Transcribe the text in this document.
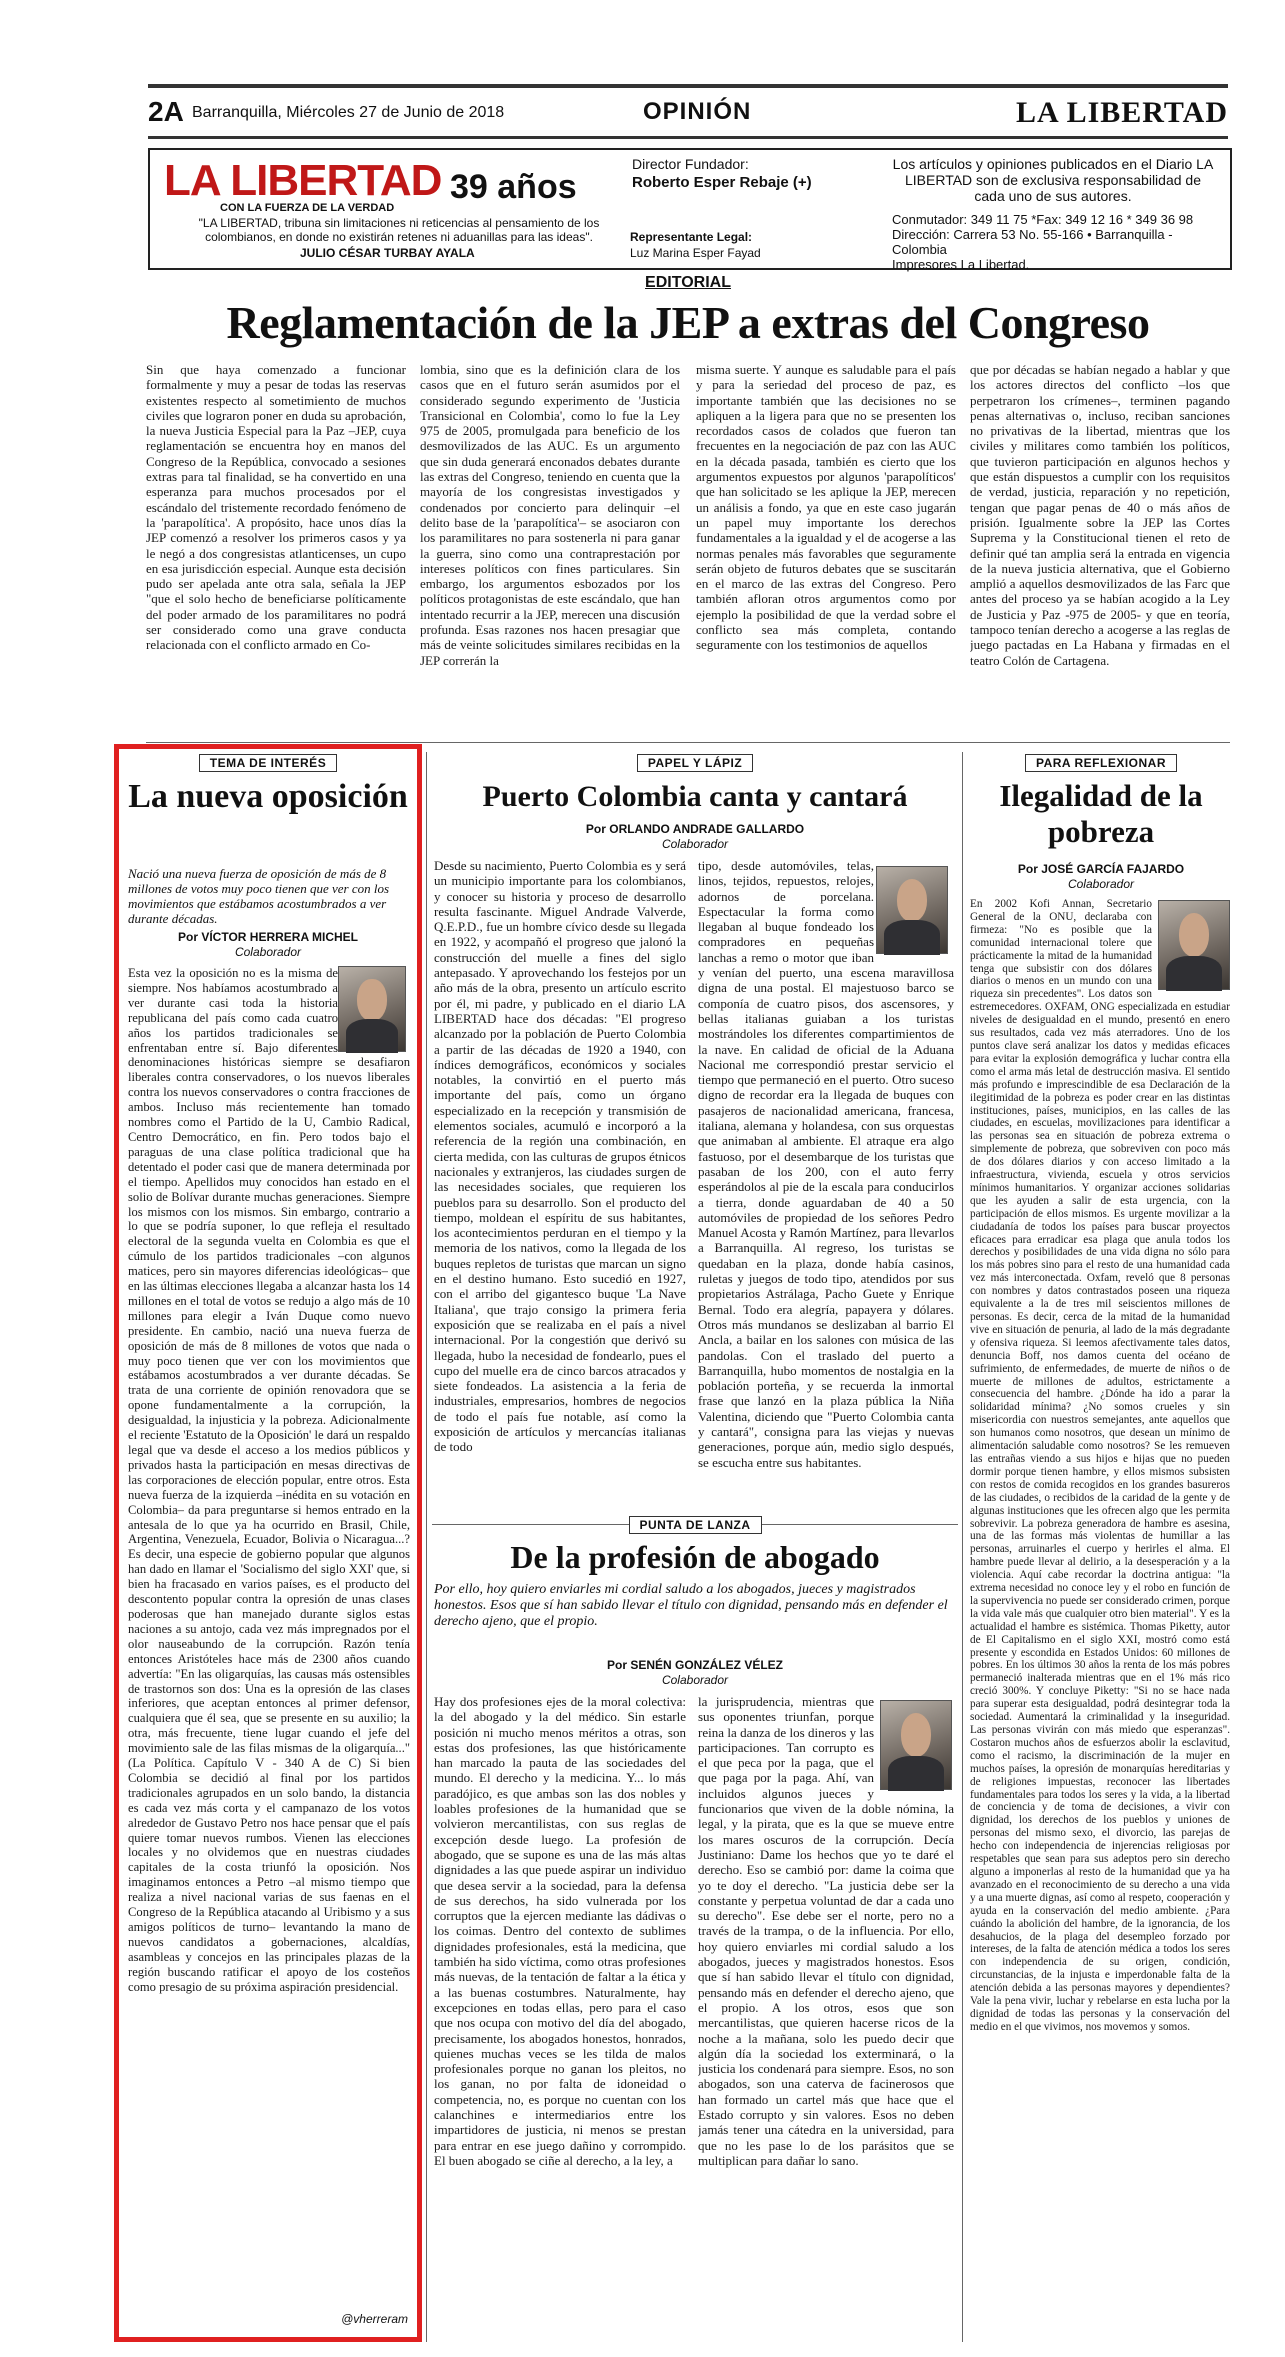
2A Barranquilla, Miércoles 27 de Junio de 2018	OPINIÓN	LA LIBERTAD
LA LIBERTAD 39 años
CON LA FUERZA DE LA VERDAD
"LA LIBERTAD, tribuna sin limitaciones ni reticencias al pensamiento de los colombianos, en donde no existirán retenes ni aduanillas para las ideas".
JULIO CÉSAR TURBAY AYALA
Director Fundador:
Roberto Esper Rebaje (+)
Representante Legal:
Luz Marina Esper Fayad
Los artículos y opiniones publicados en el Diario LA LIBERTAD son de exclusiva responsabilidad de cada uno de sus autores.
Conmutador: 349 11 75 *Fax: 349 12 16 * 349 36 98
Dirección: Carrera 53 No. 55-166 • Barranquilla - Colombia
Impresores La Libertad.
EDITORIAL
Reglamentación de la JEP a extras del Congreso
Sin que haya comenzado a funcionar formalmente y muy a pesar de todas las reservas existentes respecto al sometimiento de muchos civiles que lograron poner en duda su aprobación, la nueva Justicia Especial para la Paz –JEP, cuya reglamentación se encuentra hoy en manos del Congreso de la República, convocado a sesiones extras para tal finalidad, se ha convertido en una esperanza para muchos procesados por el escándalo del tristemente recordado fenómeno de la 'parapolítica'. A propósito, hace unos días la JEP comenzó a resolver los primeros casos y ya le negó a dos congresistas atlanticenses, un cupo en esa jurisdicción especial. Aunque esta decisión pudo ser apelada ante otra sala, señala la JEP "que el solo hecho de beneficiarse políticamente del poder armado de los paramilitares no podrá ser considerado como una grave conducta relacionada con el conflicto armado en Co-
lombia, sino que es la definición clara de los casos que en el futuro serán asumidos por el considerado segundo experimento de 'Justicia Transicional en Colombia', como lo fue la Ley 975 de 2005, promulgada para beneficio de los desmovilizados de las AUC. Es un argumento que sin duda generará enconados debates durante las extras del Congreso, teniendo en cuenta que la mayoría de los congresistas investigados y condenados por concierto para delinquir –el delito base de la 'parapolítica'– se asociaron con los paramilitares no para sostenerla ni para ganar la guerra, sino como una contraprestación por intereses políticos con fines particulares. Sin embargo, los argumentos esbozados por los políticos protagonistas de este escándalo, que han intentado recurrir a la JEP, merecen una discusión profunda. Esas razones nos hacen presagiar que más de veinte solicitudes similares recibidas en la JEP correrán la
misma suerte. Y aunque es saludable para el país y para la seriedad del proceso de paz, es importante también que las decisiones no se apliquen a la ligera para que no se presenten los recordados casos de colados que fueron tan frecuentes en la negociación de paz con las AUC en la década pasada, también es cierto que los argumentos expuestos por algunos 'parapolíticos' que han solicitado se les aplique la JEP, merecen un análisis a fondo, ya que en este caso jugarán un papel muy importante los derechos fundamentales a la igualdad y el de acogerse a las normas penales más favorables que seguramente serán objeto de futuros debates que se suscitarán en el marco de las extras del Congreso. Pero también afloran otros argumentos como por ejemplo la posibilidad de que la verdad sobre el conflicto sea más completa, contando seguramente con los testimonios de aquellos
que por décadas se habían negado a hablar y que los actores directos del conflicto –los que perpetraron los crímenes–, terminen pagando penas alternativas o, incluso, reciban sanciones no privativas de la libertad, mientras que los civiles y militares como también los políticos, que tuvieron participación en algunos hechos y que están dispuestos a cumplir con los requisitos de verdad, justicia, reparación y no repetición, tengan que pagar penas de 40 o más años de prisión. Igualmente sobre la JEP las Cortes Suprema y la Constitucional tienen el reto de definir qué tan amplia será la entrada en vigencia de la nueva justicia alternativa, que el Gobierno amplió a aquellos desmovilizados de las Farc que antes del proceso ya se habían acogido a la Ley de Justicia y Paz -975 de 2005- y que en teoría, tampoco tenían derecho a acogerse a las reglas de juego pactadas en La Habana y firmadas en el teatro Colón de Cartagena.
TEMA DE INTERÉS
La nueva oposición
Nació una nueva fuerza de oposición de más de 8 millones de votos muy poco tienen que ver con los movimientos que estábamos acostumbrados a ver durante décadas.
Por VÍCTOR HERRERA MICHEL
Colaborador
Esta vez la oposición no es la misma de siempre. Nos habíamos acostumbrado a ver durante casi toda la historia republicana del país como cada cuatro años los partidos tradicionales se enfrentaban entre sí. Bajo diferentes denominaciones históricas siempre se desafiaron liberales contra conservadores, o los nuevos liberales contra los nuevos conservadores o contra fracciones de ambos. Incluso más recientemente han tomado nombres como el Partido de la U, Cambio Radical, Centro Democrático, en fin. Pero todos bajo el paraguas de una clase política tradicional que ha detentado el poder casi que de manera determinada por el tiempo. Apellidos muy conocidos han estado en el solio de Bolívar durante muchas generaciones. Siempre los mismos con los mismos. Sin embargo, contrario a lo que se podría suponer, lo que refleja el resultado electoral de la segunda vuelta en Colombia es que el cúmulo de los partidos tradicionales –con algunos matices, pero sin mayores diferencias ideológicas– que en las últimas elecciones llegaba a alcanzar hasta los 14 millones en el total de votos se redujo a algo más de 10 millones para elegir a Iván Duque como nuevo presidente. En cambio, nació una nueva fuerza de oposición de más de 8 millones de votos que nada o muy poco tienen que ver con los movimientos que estábamos acostumbrados a ver durante décadas. Se trata de una corriente de opinión renovadora que se opone fundamentalmente a la corrupción, la desigualdad, la injusticia y la pobreza. Adicionalmente el reciente 'Estatuto de la Oposición' le dará un respaldo legal que va desde el acceso a los medios públicos y privados hasta la participación en mesas directivas de las corporaciones de elección popular, entre otros. Esta nueva fuerza de la izquierda –inédita en su votación en Colombia– da para preguntarse si hemos entrado en la antesala de lo que ya ha ocurrido en Brasil, Chile, Argentina, Venezuela, Ecuador, Bolivia o Nicaragua...? Es decir, una especie de gobierno popular que algunos han dado en llamar el 'Socialismo del siglo XXI' que, si bien ha fracasado en varios países, es el producto del descontento popular contra la opresión de unas clases poderosas que han manejado durante siglos estas naciones a su antojo, cada vez más impregnados por el olor nauseabundo de la corrupción. Razón tenía entonces Aristóteles hace más de 2300 años cuando advertía: "En las oligarquías, las causas más ostensibles de trastornos son dos: Una es la opresión de las clases inferiores, que aceptan entonces al primer defensor, cualquiera que él sea, que se presente en su auxilio; la otra, más frecuente, tiene lugar cuando el jefe del movimiento sale de las filas mismas de la oligarquía..." (La Política. Capítulo V - 340 A de C) Si bien Colombia se decidió al final por los partidos tradicionales agrupados en un solo bando, la distancia es cada vez más corta y el campanazo de los votos alrededor de Gustavo Petro nos hace pensar que el país quiere tomar nuevos rumbos. Vienen las elecciones locales y no olvidemos que en nuestras ciudades capitales de la costa triunfó la oposición. Nos imaginamos entonces a Petro –al mismo tiempo que realiza a nivel nacional varias de sus faenas en el Congreso de la República atacando al Uribismo y a sus amigos políticos de turno– levantando la mano de nuevos candidatos a gobernaciones, alcaldías, asambleas y concejos en las principales plazas de la región buscando ratificar el apoyo de los costeños como presagio de su próxima aspiración presidencial.
@vherreram
PAPEL Y LÁPIZ
Puerto Colombia canta y cantará
Por ORLANDO ANDRADE GALLARDO
Colaborador
Desde su nacimiento, Puerto Colombia es y será un municipio importante para los colombianos, y conocer su historia y proceso de desarrollo resulta fascinante. Miguel Andrade Valverde, Q.E.P.D., fue un hombre cívico desde su llegada en 1922, y acompañó el progreso que jalonó la construcción del muelle a fines del siglo antepasado. Y aprovechando los festejos por un año más de la obra, presento un artículo escrito por él, mi padre, y publicado en el diario LA LIBERTAD hace dos décadas: "El progreso alcanzado por la población de Puerto Colombia a partir de las décadas de 1920 a 1940, con índices demográficos, económicos y sociales notables, la convirtió en el puerto más importante del país, como un órgano especializado en la recepción y transmisión de elementos sociales, acumuló e incorporó a la referencia de la región una combinación, en cierta medida, con las culturas de grupos étnicos nacionales y extranjeros, las ciudades surgen de las necesidades sociales, que requieren los pueblos para su desarrollo. Son el producto del tiempo, moldean el espíritu de sus habitantes, los acontecimientos perduran en el tiempo y la memoria de los nativos, como la llegada de los buques repletos de turistas que marcan un signo en el destino humano. Esto sucedió en 1927, con el arribo del gigantesco buque 'La Nave Italiana', que trajo consigo la primera feria exposición que se realizaba en el país a nivel internacional. Por la congestión que derivó su llegada, hubo la necesidad de fondearlo, pues el cupo del muelle era de cinco barcos atracados y siete fondeados. La asistencia a la feria de industriales, empresarios, hombres de negocios de todo el país fue notable, así como la exposición de artículos y mercancías italianas de todo
tipo, desde automóviles, telas, linos, tejidos, repuestos, relojes, adornos de porcelana. Espectacular la forma como llegaban al buque fondeado los compradores en pequeñas lanchas a remo o motor que iban y venían del puerto, una escena maravillosa digna de una postal. El majestuoso barco se componía de cuatro pisos, dos ascensores, y bellas italianas guiaban a los turistas mostrándoles los diferentes compartimientos de la nave. En calidad de oficial de la Aduana Nacional me correspondió prestar servicio el tiempo que permaneció en el puerto. Otro suceso digno de recordar era la llegada de buques con pasajeros de nacionalidad americana, francesa, italiana, alemana y holandesa, con sus orquestas que animaban al ambiente. El atraque era algo fastuoso, por el desembarque de los turistas que pasaban de los 200, con el auto ferry esperándolos al pie de la escala para conducirlos a tierra, donde aguardaban de 40 a 50 automóviles de propiedad de los señores Pedro Manuel Acosta y Ramón Martínez, para llevarlos a Barranquilla. Al regreso, los turistas se quedaban en la plaza, donde había casinos, ruletas y juegos de todo tipo, atendidos por sus propietarios Astrálaga, Pacho Guete y Enrique Bernal. Todo era alegría, papayera y dólares. Otros más mundanos se deslizaban al barrio El Ancla, a bailar en los salones con música de las pandolas. Con el traslado del puerto a Barranquilla, hubo momentos de nostalgia en la población porteña, y se recuerda la inmortal frase que lanzó en la plaza pública la Niña Valentina, diciendo que "Puerto Colombia canta y cantará", consigna para las viejas y nuevas generaciones, porque aún, medio siglo después, se escucha entre sus habitantes.
PUNTA DE LANZA
De la profesión de abogado
Por ello, hoy quiero enviarles mi cordial saludo a los abogados, jueces y magistrados honestos. Esos que sí han sabido llevar el título con dignidad, pensando más en defender el derecho ajeno, que el propio.
Por SENÉN GONZÁLEZ VÉLEZ
Colaborador
Hay dos profesiones ejes de la moral colectiva: la del abogado y la del médico. Sin estarle posición ni mucho menos méritos a otras, son estas dos profesiones, las que históricamente han marcado la pauta de las sociedades del mundo. El derecho y la medicina. Y... lo más paradójico, es que ambas son las dos nobles y loables profesiones de la humanidad que se volvieron mercantilistas, con sus reglas de excepción desde luego. La profesión de abogado, que se supone es una de las más altas dignidades a las que puede aspirar un individuo que desea servir a la sociedad, para la defensa de sus derechos, ha sido vulnerada por los corruptos que la ejercen mediante las dádivas o los coimas. Dentro del contexto de sublimes dignidades profesionales, está la medicina, que también ha sido víctima, como otras profesiones más nuevas, de la tentación de faltar a la ética y a las buenas costumbres. Naturalmente, hay excepciones en todas ellas, pero para el caso que nos ocupa con motivo del día del abogado, precisamente, los abogados honestos, honrados, quienes muchas veces se les tilda de malos profesionales porque no ganan los pleitos, no los ganan, no por falta de idoneidad o competencia, no, es porque no cuentan con los calanchines e intermediarios entre los impartidores de justicia, ni menos se prestan para entrar en ese juego dañino y corrompido. El buen abogado se ciñe al derecho, a la ley, a
la jurisprudencia, mientras que sus oponentes triunfan, porque reina la danza de los dineros y las participaciones. Tan corrupto es el que peca por la paga, que el que paga por la paga. Ahí, van incluidos algunos jueces y funcionarios que viven de la doble nómina, la legal, y la pirata, que es la que se mueve entre los mares oscuros de la corrupción. Decía Justiniano: Dame los hechos que yo te daré el derecho. Eso se cambió por: dame la coima que yo te doy el derecho. "La justicia debe ser la constante y perpetua voluntad de dar a cada uno su derecho". Ese debe ser el norte, pero no a través de la trampa, o de la influencia. Por ello, hoy quiero enviarles mi cordial saludo a los abogados, jueces y magistrados honestos. Esos que sí han sabido llevar el título con dignidad, pensando más en defender el derecho ajeno, que el propio. A los otros, esos que son mercantilistas, que quieren hacerse ricos de la noche a la mañana, solo les puedo decir que algún día la sociedad los exterminará, o la justicia los condenará para siempre. Esos, no son abogados, son una caterva de facinerosos que han formado un cartel más que hace que el Estado corrupto y sin valores. Esos no deben jamás tener una cátedra en la universidad, para que no les pase lo de los parásitos que se multiplican para dañar lo sano.
PARA REFLEXIONAR
Ilegalidad de la pobreza
Por JOSÉ GARCÍA FAJARDO
Colaborador
En 2002 Kofi Annan, Secretario General de la ONU, declaraba con firmeza: "No es posible que la comunidad internacional tolere que prácticamente la mitad de la humanidad tenga que subsistir con dos dólares diarios o menos en un mundo con una riqueza sin precedentes". Los datos son estremecedores. OXFAM, ONG especializada en estudiar niveles de desigualdad en el mundo, presentó en enero sus resultados, cada vez más aterradores. Uno de los puntos clave será analizar los datos y medidas eficaces para evitar la explosión demográfica y luchar contra ella como el arma más letal de destrucción masiva. El sentido más profundo e imprescindible de esa Declaración de la ilegitimidad de la pobreza es poder crear en las distintas instituciones, países, municipios, en las calles de las ciudades, en escuelas, movilizaciones para identificar a las personas sea en situación de pobreza extrema o simplemente de pobreza, que sobreviven con poco más de dos dólares diarios y con acceso limitado a la infraestructura, vivienda, escuela y otros servicios mínimos humanitarios. Y organizar acciones solidarias que les ayuden a salir de esta urgencia, con la participación de ellos mismos. Es urgente movilizar a la ciudadanía de todos los países para buscar proyectos eficaces para erradicar esa plaga que anula todos los derechos y posibilidades de una vida digna no sólo para los más pobres sino para el resto de una humanidad cada vez más interconectada. Oxfam, reveló que 8 personas con nombres y datos contrastados poseen una riqueza equivalente a la de tres mil seiscientos millones de personas. Es decir, cerca de la mitad de la humanidad vive en situación de penuria, al lado de la más degradante y ofensiva riqueza. Si leemos afectivamente tales datos, denuncia Boff, nos damos cuenta del océano de sufrimiento, de enfermedades, de muerte de niños o de muerte de millones de adultos, estrictamente a consecuencia del hambre. ¿Dónde ha ido a parar la solidaridad mínima? ¿No somos crueles y sin misericordia con nuestros semejantes, ante aquellos que son humanos como nosotros, que desean un mínimo de alimentación saludable como nosotros? Se les remueven las entrañas viendo a sus hijos e hijas que no pueden dormir porque tienen hambre, y ellos mismos subsisten con restos de comida recogidos en los grandes basureros de las ciudades, o recibidos de la caridad de la gente y de algunas instituciones que les ofrecen algo que les permita sobrevivir. La pobreza generadora de hambre es asesina, una de las formas más violentas de humillar a las personas, arruinarles el cuerpo y herirles el alma. El hambre puede llevar al delirio, a la desesperación y a la violencia. Aquí cabe recordar la doctrina antigua: "la extrema necesidad no conoce ley y el robo en función de la supervivencia no puede ser considerado crimen, porque la vida vale más que cualquier otro bien material". Y es la actualidad el hambre es sistémica. Thomas Piketty, autor de El Capitalismo en el siglo XXI, mostró como está presente y escondida en Estados Unidos: 60 millones de pobres. En los últimos 30 años la renta de los más pobres permaneció inalterada mientras que en el 1% más rico creció 300%. Y concluye Piketty: "Si no se hace nada para superar esta desigualdad, podrá desintegrar toda la sociedad. Aumentará la criminalidad y la inseguridad. Las personas vivirán con más miedo que esperanzas". Costaron muchos años de esfuerzos abolir la esclavitud, como el racismo, la discriminación de la mujer en muchos países, la opresión de monarquías hereditarias y de religiones impuestas, reconocer las libertades fundamentales para todos los seres y la vida, a la libertad de conciencia y de toma de decisiones, a vivir con dignidad, los derechos de los pueblos y uniones de personas del mismo sexo, el divorcio, las parejas de hecho con independencia de injerencias religiosas por respetables que sean para sus adeptos pero sin derecho alguno a imponerlas al resto de la humanidad que ya ha avanzado en el reconocimiento de su derecho a una vida y a una muerte dignas, así como al respeto, cooperación y ayuda en la conservación del medio ambiente. ¿Para cuándo la abolición del hambre, de la ignorancia, de los desahucios, de la plaga del desempleo forzado por intereses, de la falta de atención médica a todos los seres con independencia de su origen, condición, circunstancias, de la injusta e imperdonable falta de la atención debida a las personas mayores y dependientes? Vale la pena vivir, luchar y rebelarse en esta lucha por la dignidad de todas las personas y la conservación del medio en el que vivimos, nos movemos y somos.
